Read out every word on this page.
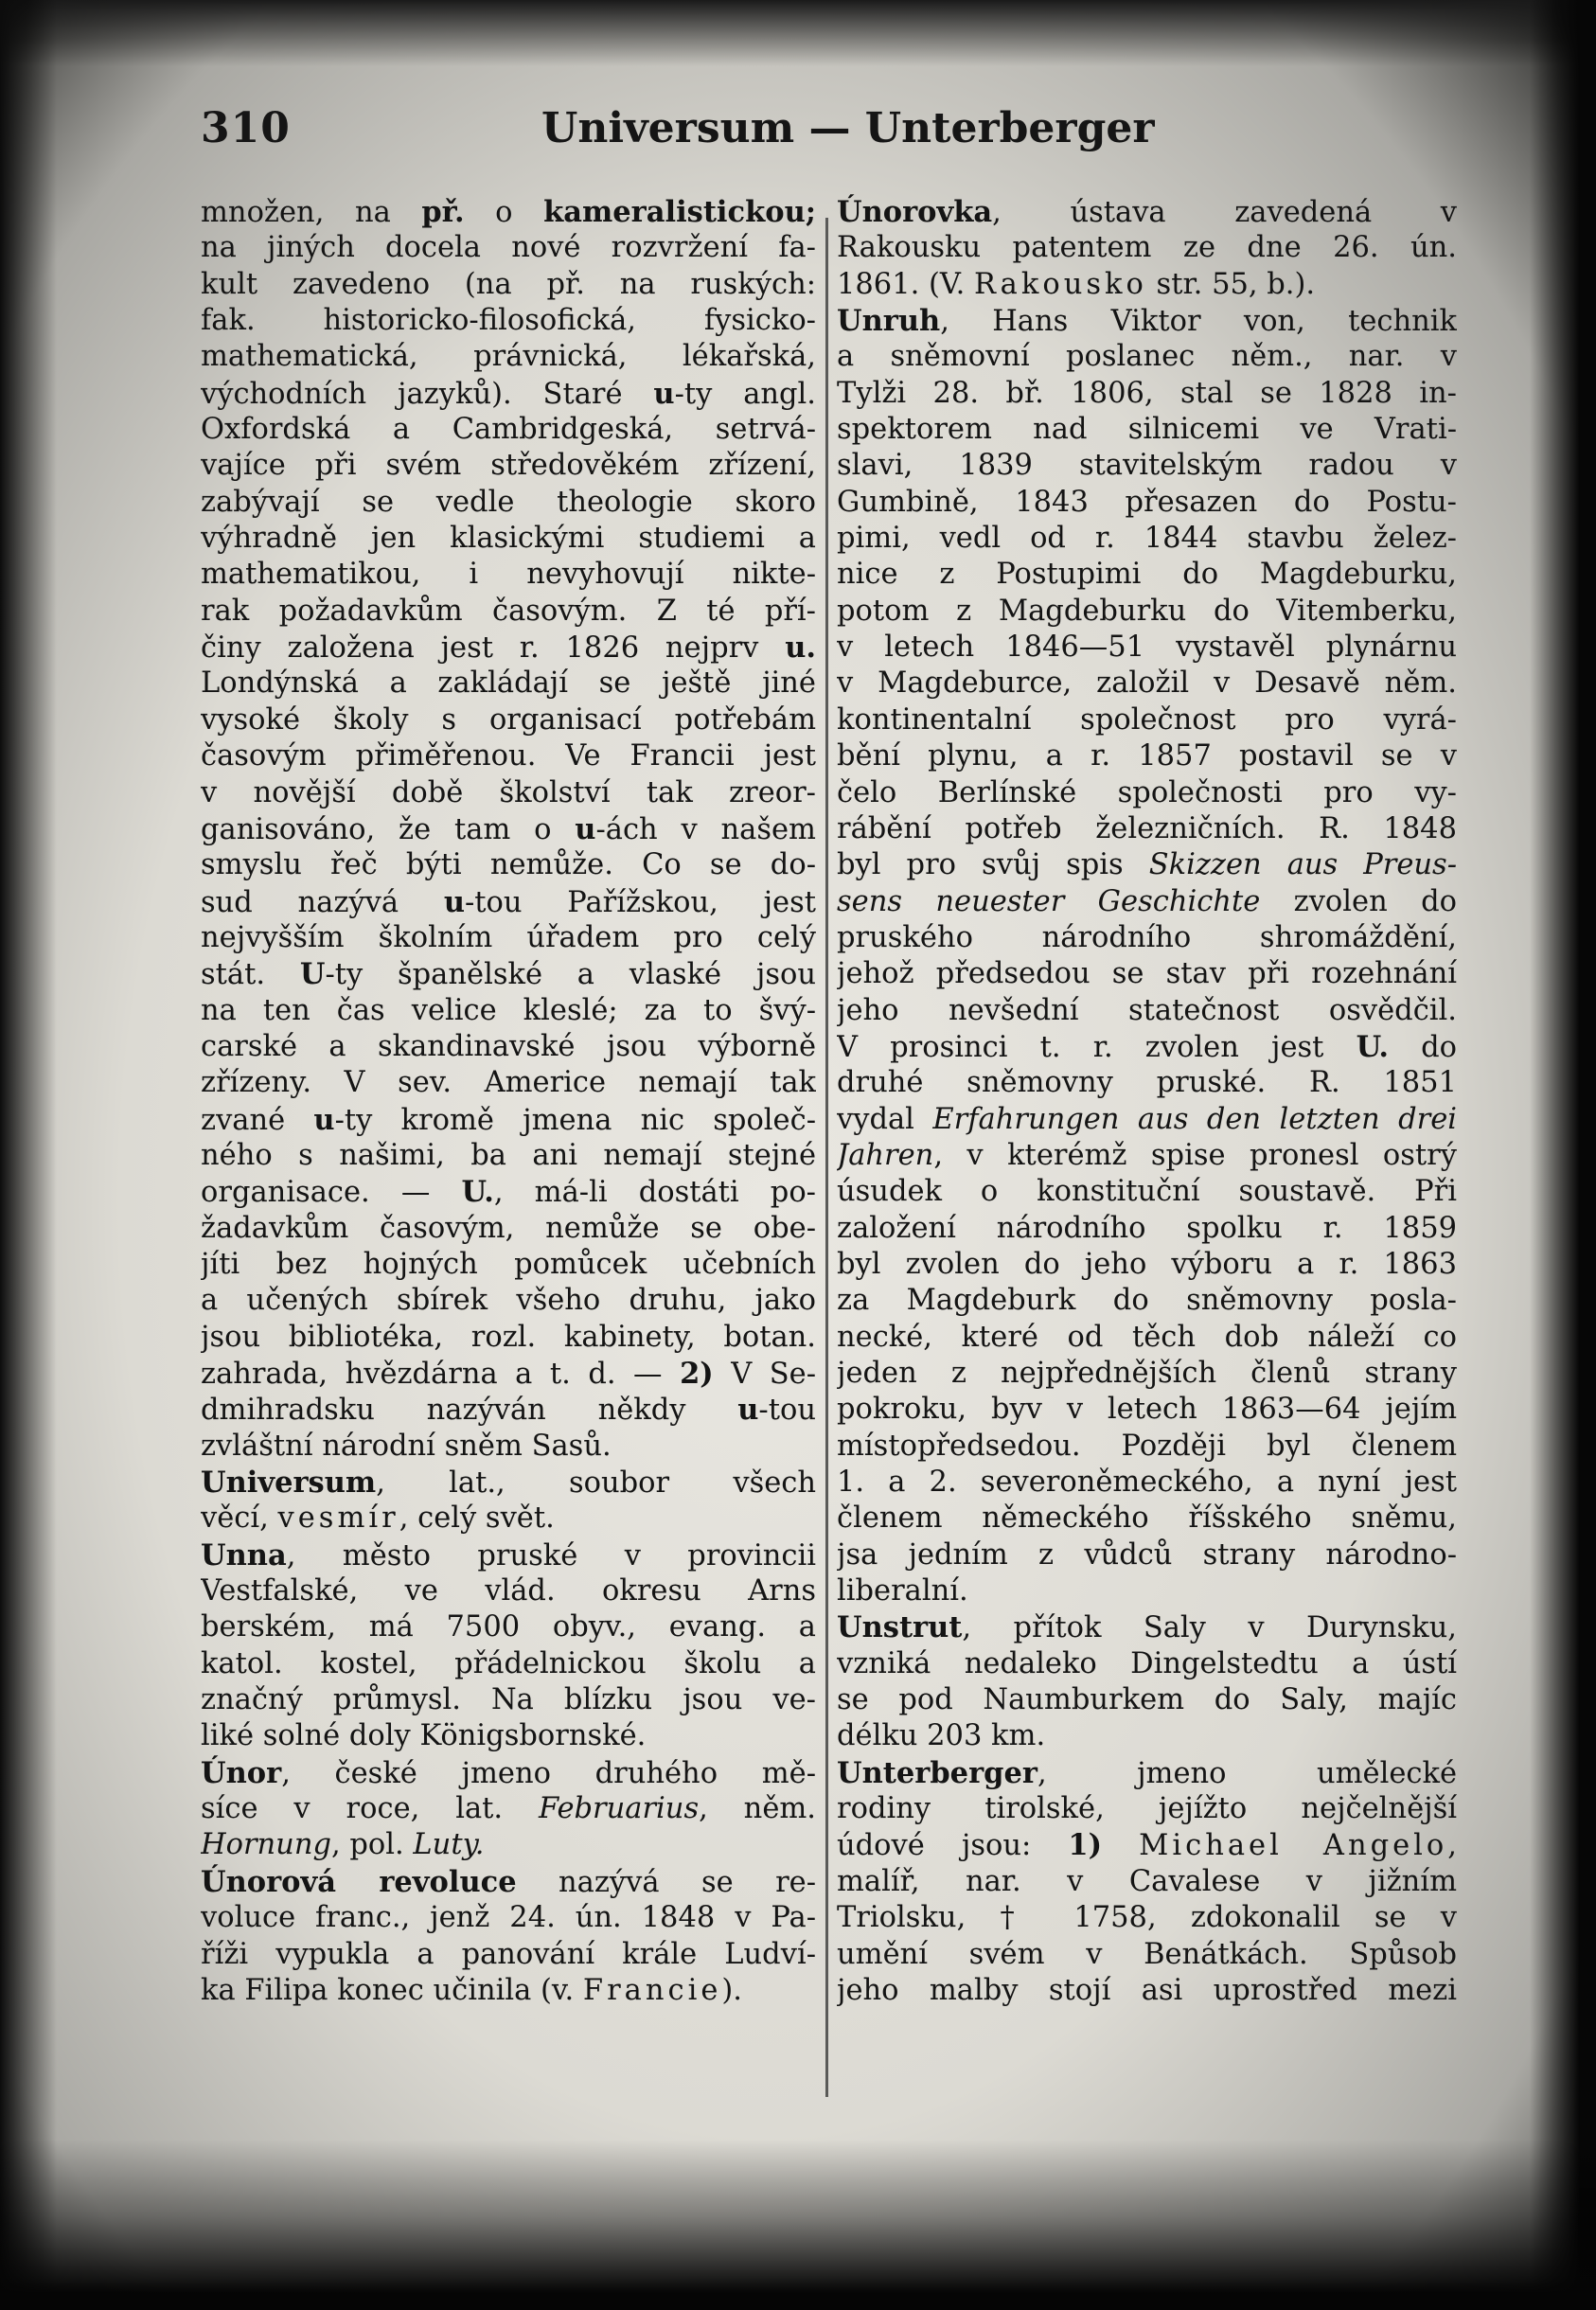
310	Universum — Unterberger
množen, na př. o kameralistickou;
na jiných docela nové rozvržení fa-
kult zavedeno (na př. na ruských:
fak. historicko-filosofická, fysicko-
mathematická, právnická, lékařská,
východních jazyků). Staré u-ty angl.
Oxfordská a Cambridgeská, setrvá-
vajíce při svém středověkém zřízení,
zabývají se vedle theologie skoro
výhradně jen klasickými studiemi a
mathematikou, i nevyhovují nikte-
rak požadavkům časovým. Z té pří-
činy založena jest r. 1826 nejprv u.
Londýnská a zakládají se ještě jiné
vysoké školy s organisací potřebám
časovým přiměřenou. Ve Francii jest
v novější době školství tak zreor-
ganisováno, že tam o u-ách v našem
smyslu řeč býti nemůže. Co se do-
sud nazývá u-tou Pařížskou, jest
nejvyšším školním úřadem pro celý
stát. U-ty španělské a vlaské jsou
na ten čas velice kleslé; za to švý-
carské a skandinavské jsou výborně
zřízeny. V sev. Americe nemají tak
zvané u-ty kromě jmena nic společ-
ného s našimi, ba ani nemají stejné
organisace. — U., má-li dostáti po-
žadavkům časovým, nemůže se obe-
jíti bez hojných pomůcek učebních
a učených sbírek všeho druhu, jako
jsou bibliotéka, rozl. kabinety, botan.
zahrada, hvězdárna a t. d. — 2) V Se-
dmihradsku nazýván někdy u-tou
zvláštní národní sněm Sasů.
Universum, lat., soubor všech
věcí, vesmír, celý svět.
Unna, město pruské v provincii
Vestfalské, ve vlád. okresu Arns
berském, má 7500 obyv., evang. a
katol. kostel, přádelnickou školu a
značný průmysl. Na blízku jsou ve-
liké solné doly Königsbornské.
Únor, české jmeno druhého mě-
síce v roce, lat. Februarius, něm.
Hornung, pol. Luty.
Únorová revoluce nazývá se re-
voluce franc., jenž 24. ún. 1848 v Pa-
říži vypukla a panování krále Ludví-
ka Filipa konec učinila (v. Francie).
Únorovka, ústava zavedená v
Rakousku patentem ze dne 26. ún.
1861. (V. Rakousko str. 55, b.).
Unruh, Hans Viktor von, technik
a sněmovní poslanec něm., nar. v
Tylži 28. bř. 1806, stal se 1828 in-
spektorem nad silnicemi ve Vrati-
slavi, 1839 stavitelským radou v
Gumbině, 1843 přesazen do Postu-
pimi, vedl od r. 1844 stavbu želez-
nice z Postupimi do Magdeburku,
potom z Magdeburku do Vitemberku,
v letech 1846—51 vystavěl plynárnu
v Magdeburce, založil v Desavě něm.
kontinentalní společnost pro vyrá-
bění plynu, a r. 1857 postavil se v
čelo Berlínské společnosti pro vy-
rábění potřeb železničních. R. 1848
byl pro svůj spis Skizzen aus Preus-
sens neuester Geschichte zvolen do
pruského národního shromáždění,
jehož předsedou se stav při rozehnání
jeho nevšední statečnost osvědčil.
V prosinci t. r. zvolen jest U. do
druhé sněmovny pruské. R. 1851
vydal Erfahrungen aus den letzten drei
Jahren, v kterémž spise pronesl ostrý
úsudek o konstituční soustavě. Při
založení národního spolku r. 1859
byl zvolen do jeho výboru a r. 1863
za Magdeburk do sněmovny posla-
necké, které od těch dob náleží co
jeden z nejpřednějších členů strany
pokroku, byv v letech 1863—64 jejím
místopředsedou. Později byl členem
1. a 2. severoněmeckého, a nyní jest
členem německého říšského sněmu,
jsa jedním z vůdců strany národno-
liberalní.
Unstrut, přítok Saly v Durynsku,
vzniká nedaleko Dingelstedtu a ústí
se pod Naumburkem do Saly, majíc
délku 203 km.
Unterberger, jmeno umělecké
rodiny tirolské, jejížto nejčelnější
údové jsou: 1) Michael Angelo,
malíř, nar. v Cavalese v jižním
Triolsku, † 1758, zdokonalil se v
umění svém v Benátkách. Spůsob
jeho malby stojí asi uprostřed mezi
